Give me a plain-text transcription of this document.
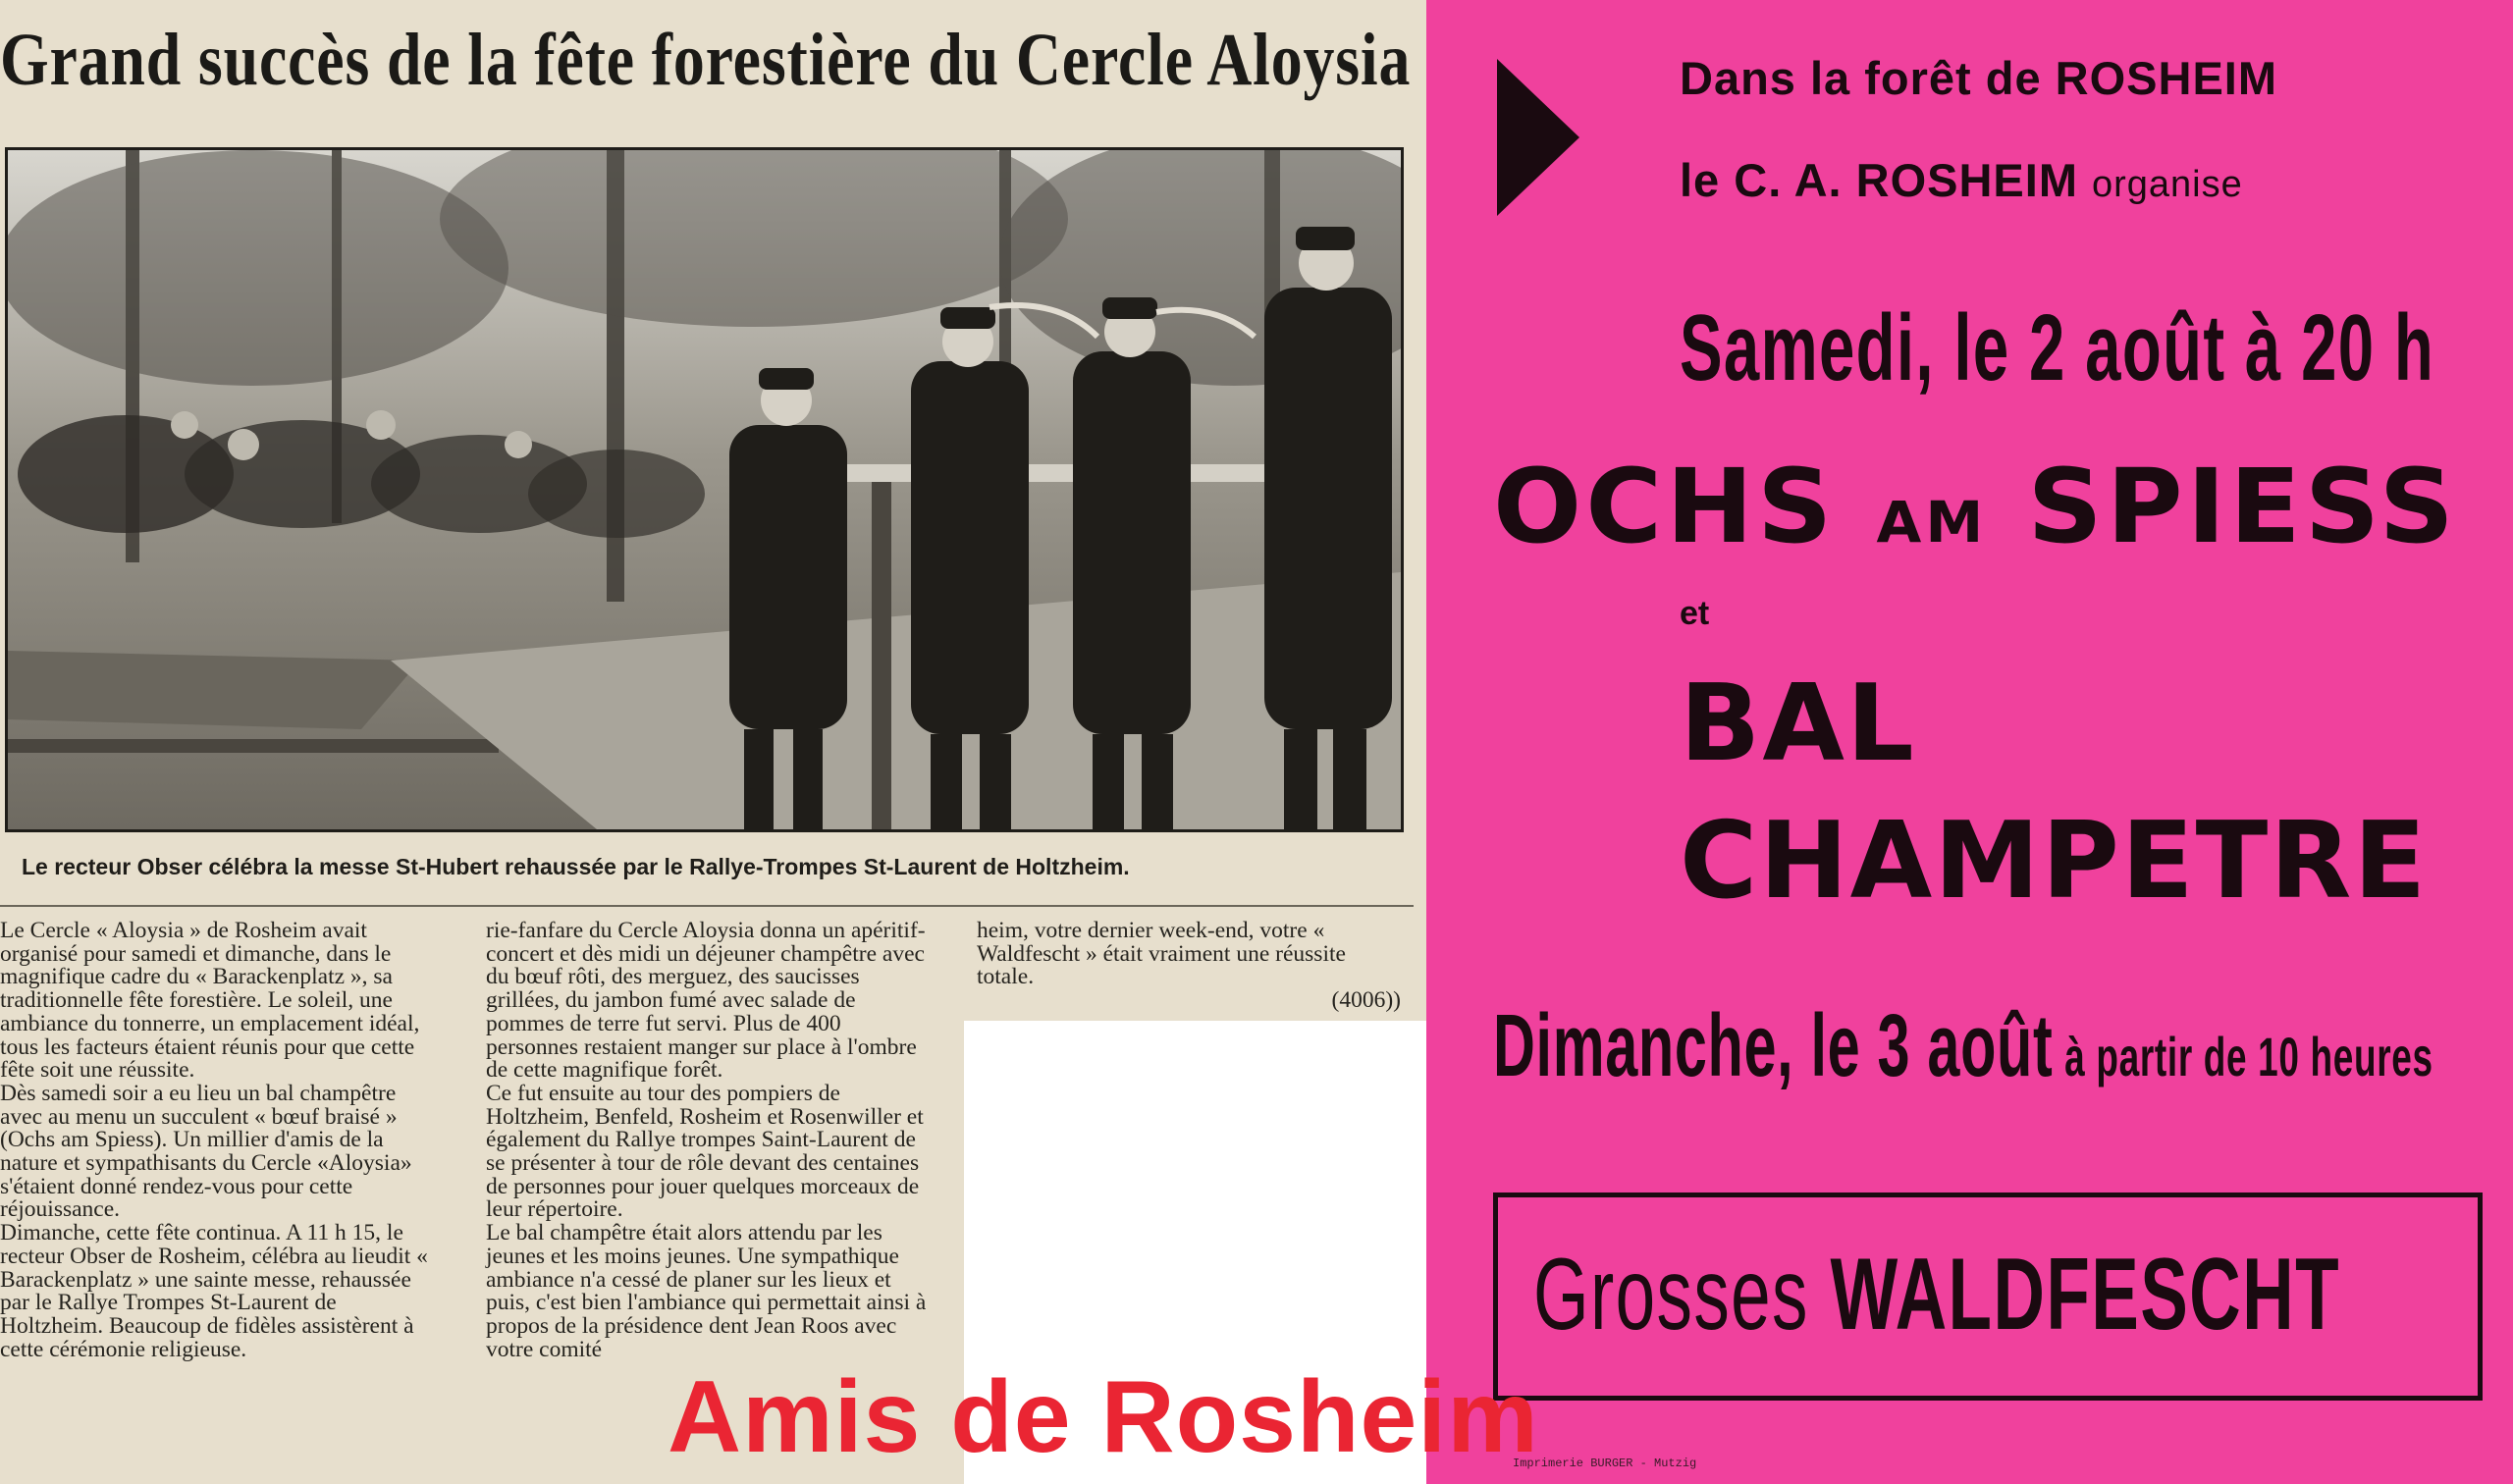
Grand succès de la fête forestière du Cercle Aloysia

Le recteur Obser célébra la messe St-Hubert rehaussée par le Rallye-Trompes St-Laurent de Holtzheim.

Le Cercle « Aloysia » de Rosheim avait organisé pour samedi et dimanche, dans le magnifique cadre du « Barackenplatz », sa traditionnelle fête forestière. Le soleil, une ambiance du tonnerre, un emplacement idéal, tous les facteurs étaient réunis pour que cette fête soit une réussite.

Dès samedi soir a eu lieu un bal champêtre avec au menu un succulent « bœuf braisé » (Ochs am Spiess). Un millier d'amis de la nature et sympathisants du Cercle «Aloysia» s'étaient donné rendez-vous pour cette réjouissance.

Dimanche, cette fête continua. A 11 h 15, le recteur Obser de Rosheim, célébra au lieudit « Barackenplatz » une sainte messe, rehaussée par le Rallye Trompes St-Laurent de Holtzheim. Beaucoup de fidèles assistèrent à cette cérémonie religieuse.

rie-fanfare du Cercle Aloysia donna un apéritif-concert et dès midi un déjeuner champêtre avec du bœuf rôti, des merguez, des saucisses grillées, du jambon fumé avec salade de pommes de terre fut servi. Plus de 400 personnes restaient manger sur place à l'ombre de cette magnifique forêt.

Ce fut ensuite au tour des pompiers de Holtzheim, Benfeld, Rosheim et Rosenwiller et également du Rallye trompes Saint-Laurent de se présenter à tour de rôle devant des centaines de personnes pour jouer quelques morceaux de leur répertoire.

Le bal champêtre était alors attendu par les jeunes et les moins jeunes. Une sympathique ambiance n'a cessé de planer sur les lieux et puis, c'est bien l'ambiance qui permettait ainsi à propos de la présidence dent Jean Roos avec votre comité

heim, votre dernier week-end, votre « Waldfescht » était vraiment une réussite totale.

(4006))

Dans la forêt de ROSHEIM

le C. A. ROSHEIM organise

Samedi, le 2 août à 20 h

OCHS AM SPIESS

et

BAL

CHAMPETRE

Dimanche, le 3 août à partir de 10 heures

Grosses WALDFESCHT

Imprimerie BURGER - Mutzig

Amis de Rosheim
